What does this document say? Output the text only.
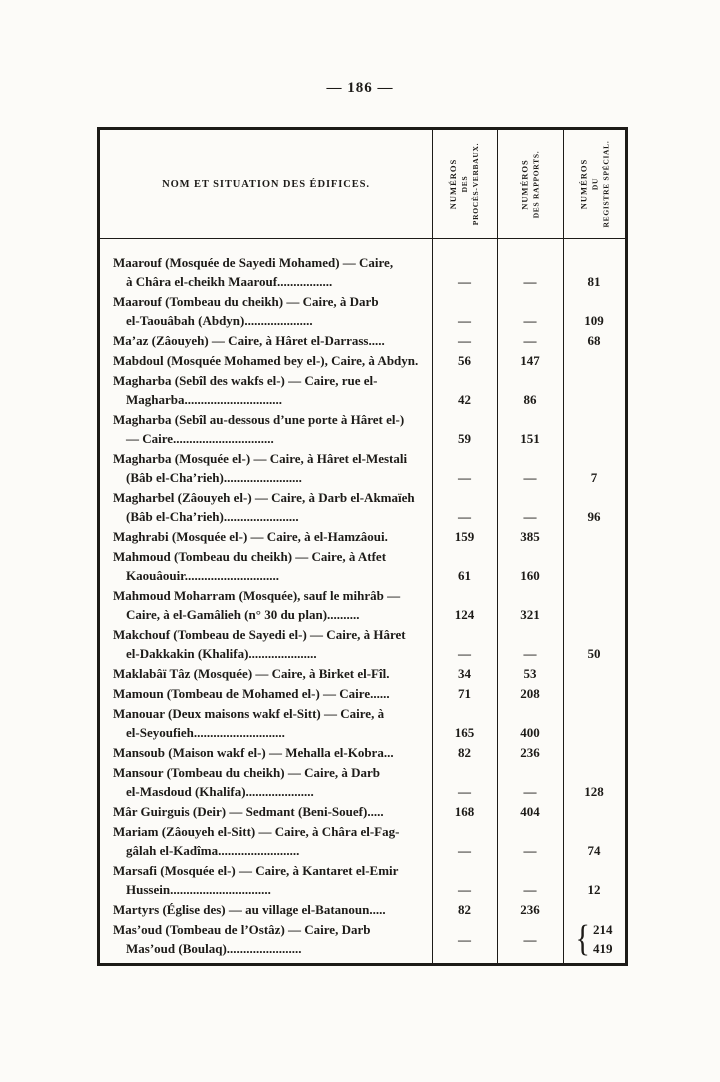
— 186 —
NOM ET SITUATION DES ÉDIFICES.	NUMÉROS DES PROCÈS-VERBAUX.	NUMÉROS DES RAPPORTS.	NUMÉROS DU REGISTRE SPÉCIAL.
Maarouf (Mosquée de Sayedi Mohamed) — Caire,
à Châra el-cheikh Maarouf.................	—	—	81
Maarouf (Tombeau du cheikh) — Caire, à Darb
el-Taouâbah (Abdyn).....................	—	—	109
Ma’az (Zâouyeh) — Caire, à Hâret el-Darrass.....	—	—	68
Mabdoul (Mosquée Mohamed bey el-), Caire, à Abdyn.	56	147
Magharba (Sebîl des wakfs el-) — Caire, rue el-
Magharba..............................	42	86
Magharba (Sebîl au-dessous d’une porte à Hâret el-)
— Caire...............................	59	151
Magharba (Mosquée el-) — Caire, à Hâret el-Mestali
(Bâb el-Cha’rieh)........................	—	—	7
Magharbel (Zâouyeh el-) — Caire, à Darb el-Akmaïeh
(Bâb el-Cha’rieh).......................	—	—	96
Maghrabi (Mosquée el-) — Caire, à el-Hamzâoui.	159	385
Mahmoud (Tombeau du cheikh) — Caire, à Atfet
Kaouâouir.............................	61	160
Mahmoud Moharram (Mosquée), sauf le mihrâb —
Caire, à el-Gamâlieh (n° 30 du plan)..........	124	321
Makchouf (Tombeau de Sayedi el-) — Caire, à Hâret
el-Dakkakin (Khalifa).....................	—	—	50
Maklabâï Tâz (Mosquée) — Caire, à Birket el-Fîl.	34	53
Mamoun (Tombeau de Mohamed el-) — Caire......	71	208
Manouar (Deux maisons wakf el-Sitt) — Caire, à
el-Seyoufieh............................	165	400
Mansoub (Maison wakf el-) — Mehalla el-Kobra...	82	236
Mansour (Tombeau du cheikh) — Caire, à Darb
el-Masdoud (Khalifa).....................	—	—	128
Mâr Guirguis (Deir) — Sedmant (Beni-Souef).....	168	404
Mariam (Zâouyeh el-Sitt) — Caire, à Châra el-Fag-
gâlah el-Kadîma.........................	—	—	74
Marsafi (Mosquée el-) — Caire, à Kantaret el-Emir
Hussein...............................	—	—	12
Martyrs (Église des) — au village el-Batanoun.....	82	236
Mas’oud (Tombeau de l’Ostâz) — Caire, Darb
Mas’oud (Boulaq).......................
—	—	{ 214
419
